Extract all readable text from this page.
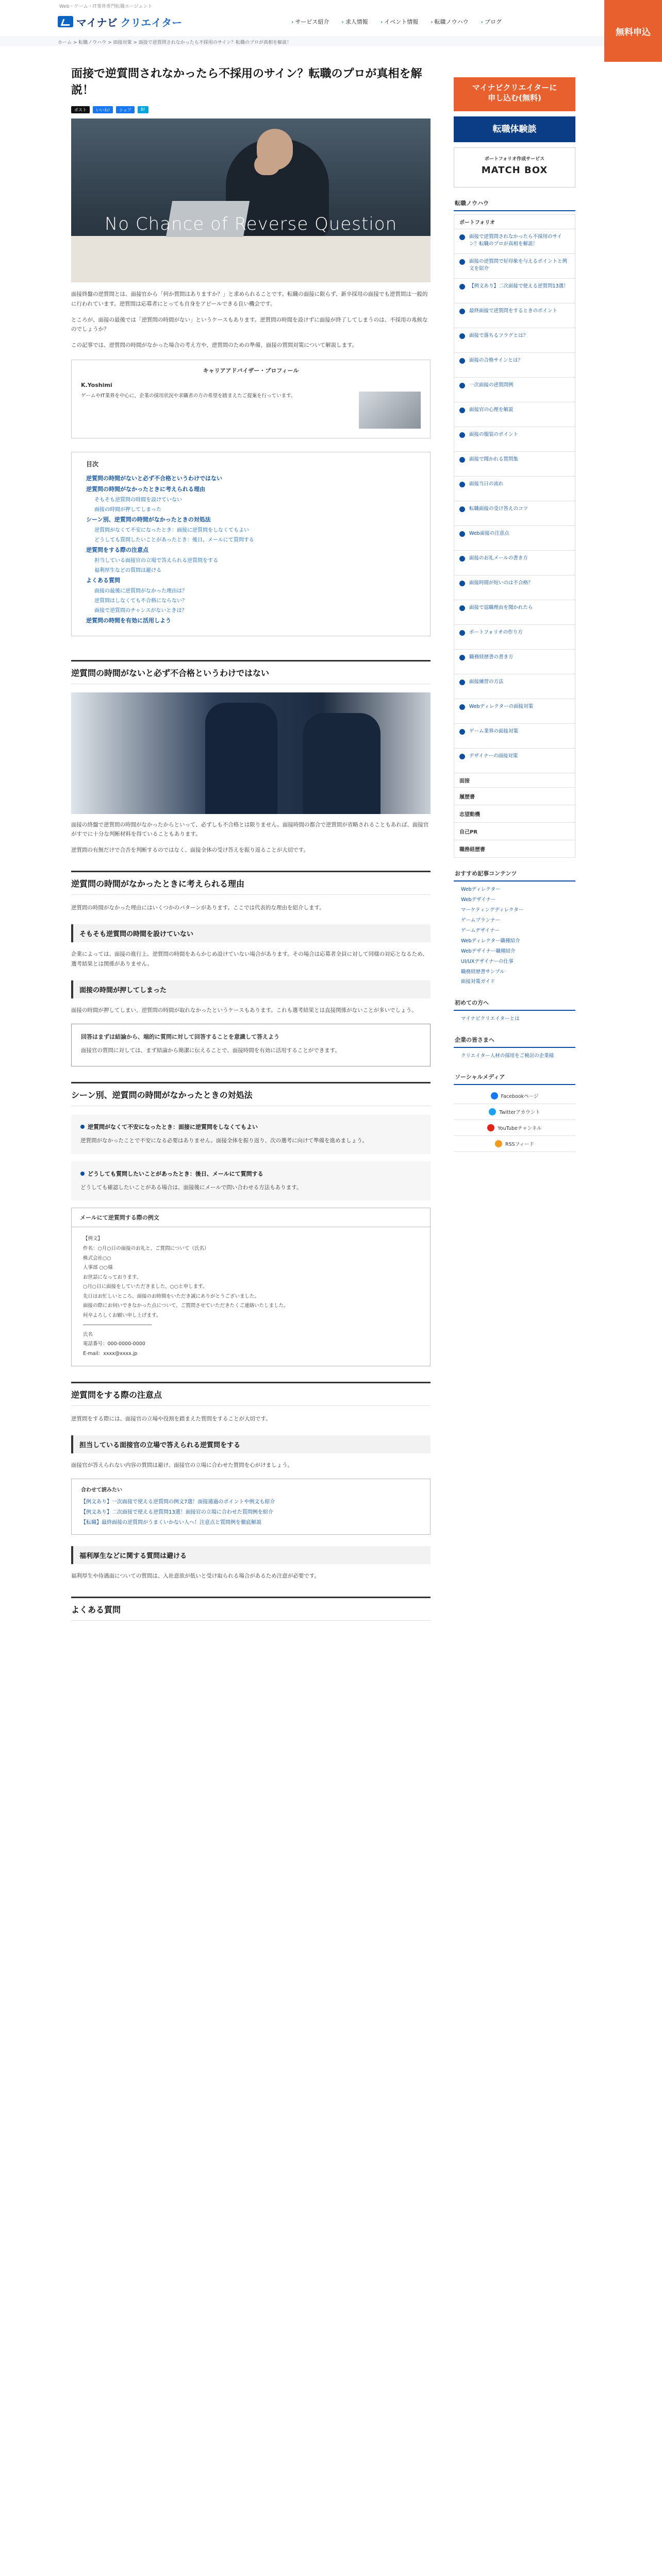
Web・ゲーム・IT業界専門転職エージェント
マイナビ クリエイター	› サービス紹介 › 求人情報 › イベント情報 › 転職ノウハウ › ブログ
無料申込
ホーム > 転職ノウハウ > 面接対策 > 面接で逆質問されなかったら不採用のサイン？転職のプロが真相を解説！
面接で逆質問されなかったら不採用のサイン？転職のプロが真相を解説！
ポスト	いいね!	シェア	B!
No Chance of Reverse Question

面接終盤の逆質問とは、面接官から「何か質問はありますか？」と求められることです。転職の面接に限らず、新卒採用の面接でも逆質問は一般的に行われています。逆質問は応募者にとっても自身をアピールできる良い機会です。

ところが、面接の最後では「逆質問の時間がない」というケースもあります。逆質問の時間を設けずに面接が終了してしまうのは、不採用の兆候なのでしょうか？

この記事では、逆質問の時間がなかった場合の考え方や、逆質問のための準備、面接の質問対策について解説します。

キャリアアドバイザー・プロフィール
K.Yoshimi

ゲームやIT業界を中心に、企業の採用状況や求職者の方の希望を踏まえたご提案を行っています。

目次
逆質問の時間がないと必ず不合格というわけではない
逆質問の時間がなかったときに考えられる理由
そもそも逆質問の時間を設けていない
面接の時間が押してしまった
シーン別、逆質問の時間がなかったときの対処法
逆質問がなくて不安になったとき：面接に逆質問をしなくてもよい
どうしても質問したいことがあったとき：後日、メールにて質問する
逆質問をする際の注意点
担当している面接官の立場で答えられる逆質問をする
福利厚生などの質問は避ける
よくある質問
面接の最後に逆質問がなかった理由は？
逆質問はしなくても不合格にならない？
面接で逆質問のチャンスがないときは？
逆質問の時間を有効に活用しよう
逆質問の時間がないと必ず不合格というわけではない

面接の終盤で逆質問の時間がなかったからといって、必ずしも不合格とは限りません。面接時間の都合で逆質問が省略されることもあれば、面接官がすでに十分な判断材料を得ていることもあります。

逆質問の有無だけで合否を判断するのではなく、面接全体の受け答えを振り返ることが大切です。

逆質問の時間がなかったときに考えられる理由

逆質問の時間がなかった理由にはいくつかのパターンがあります。ここでは代表的な理由を紹介します。

そもそも逆質問の時間を設けていない

企業によっては、面接の進行上、逆質問の時間をあらかじめ設けていない場合があります。その場合は応募者全員に対して同様の対応となるため、選考結果とは関係がありません。

面接の時間が押してしまった

面接の時間が押してしまい、逆質問の時間が取れなかったというケースもあります。これも選考結果とは直接関係がないことが多いでしょう。

回答はまずは結論から、端的に質問に対して回答することを意識して答えよう

面接官の質問に対しては、まず結論から簡潔に伝えることで、面接時間を有効に活用することができます。

シーン別、逆質問の時間がなかったときの対処法
逆質問がなくて不安になったとき：面接に逆質問をしなくてもよい

逆質問がなかったことで不安になる必要はありません。面接全体を振り返り、次の選考に向けて準備を進めましょう。

どうしても質問したいことがあったとき：後日、メールにて質問する

どうしても確認したいことがある場合は、面接後にメールで問い合わせる方法もあります。

メールにて逆質問する際の例文
【例文】
件名：○月○日の面接のお礼と、ご質問について（氏名）
株式会社○○
人事部 ○○様
お世話になっております。
○月○日に面接をしていただきました、○○と申します。
先日はお忙しいところ、面接のお時間をいただき誠にありがとうございました。
面接の際にお伺いできなかった点について、ご質問させていただきたくご連絡いたしました。
何卒よろしくお願い申し上げます。
――――――――――――――
氏名
電話番号：000-0000-0000
E-mail：xxxx@xxxx.jp
逆質問をする際の注意点

逆質問をする際には、面接官の立場や役割を踏まえた質問をすることが大切です。

担当している面接官の立場で答えられる逆質問をする

面接官が答えられない内容の質問は避け、面接官の立場に合わせた質問を心がけましょう。

合わせて読みたい
【例文あり】一次面接で使える逆質問の例文7選！面接通過のポイントや例文も紹介
【例文あり】二次面接で使える逆質問13選！面接官の立場に合わせた質問例を紹介
【転職】最終面接の逆質問がうまくいかない人へ！注意点と質問例を徹底解説
福利厚生などに関する質問は避ける

福利厚生や待遇面についての質問は、入社意欲が低いと受け取られる場合があるため注意が必要です。

よくある質問
マイナビクリエイターに
申し込む(無料)
転職体験談
ポートフォリオ作成サービス
MATCH BOX
転職ノウハウ
ポートフォリオ
面接で逆質問されなかったら不採用のサイン？転職のプロが真相を解説！
面接の逆質問で好印象を与えるポイントと例文を紹介
【例文あり】二次面接で使える逆質問13選！
最終面接で逆質問をするときのポイント
面接で落ちるフラグとは？
面接の合格サインとは？
一次面接の逆質問例
面接官の心理を解説
面接の服装のポイント
面接で聞かれる質問集
面接当日の流れ
転職面接の受け答えのコツ
Web面接の注意点
面接のお礼メールの書き方
面接時間が短いのは不合格？
面接で退職理由を聞かれたら
ポートフォリオの作り方
職務経歴書の書き方
面接練習の方法
Webディレクターの面接対策
ゲーム業界の面接対策
デザイナーの面接対策
面接
履歴書
志望動機
自己PR
職務経歴書
おすすめ記事コンテンツ
Webディレクター
Webデザイナー
マーケティングディレクター
ゲームプランナー
ゲームデザイナー
Webディレクター職種紹介
Webデザイナー職種紹介
UI/UXデザイナーの仕事
職務経歴書サンプル
面接対策ガイド
初めての方へ
マイナビクリエイターとは
企業の皆さまへ
クリエイター人材の採用をご検討の企業様
ソーシャルメディア
Facebookページ
Twitterアカウント
YouTubeチャンネル
RSSフィード
